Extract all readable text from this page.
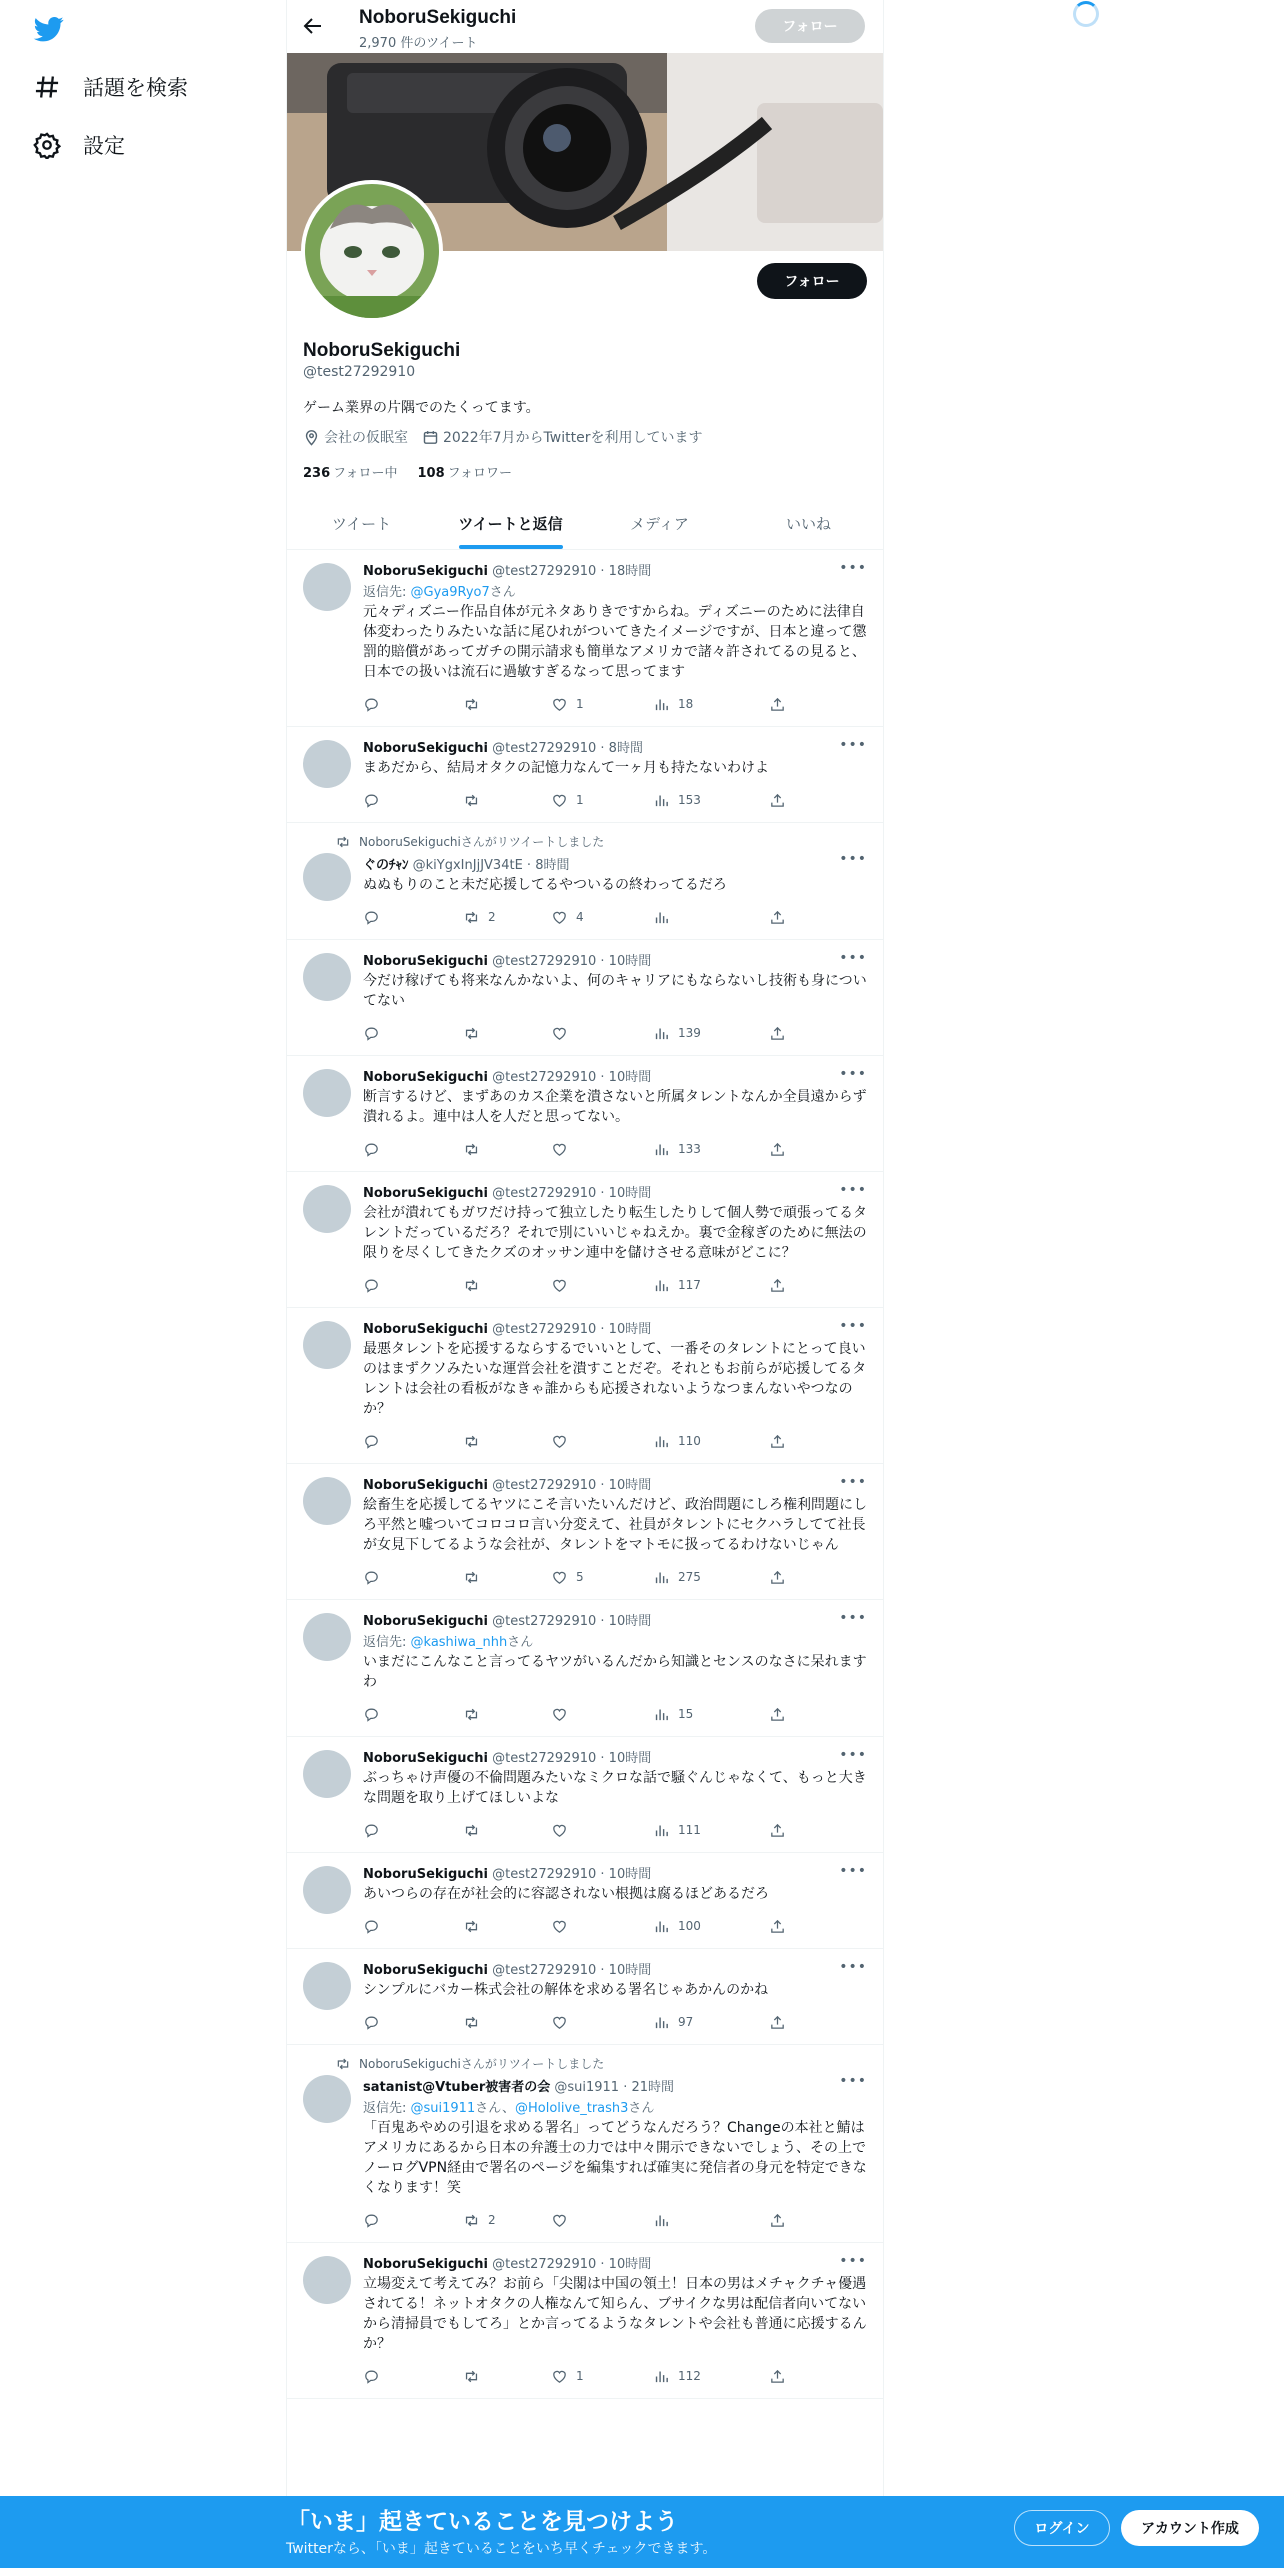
話題を検索
設定
NoboruSekiguchi
2,970 件のツイート
フォロー
フォロー
NoboruSekiguchi
@test27292910
ゲーム業界の片隅でのたくってます。
会社の仮眠室	2022年7月からTwitterを利用しています
236 フォロー中 108 フォロワー
ツイート	ツイートと返信	メディア	いいね
•••
NoboruSekiguchi @test27292910 · 18時間
返信先: @Gya9Ryo7さん
元々ディズニー作品自体が元ネタありきですからね。ディズニーのために法律自体変わったりみたいな話に尾ひれがついてきたイメージですが、日本と違って懲罰的賠償があってガチの開示請求も簡単なアメリカで諸々許されてるの見ると、日本での扱いは流石に過敏すぎるなって思ってます
1	18
•••
NoboruSekiguchi @test27292910 · 8時間
まあだから、結局オタクの記憶力なんて一ヶ月も持たないわけよ
1	153
NoboruSekiguchiさんがリツイートしました
•••
ぐのﾁｬﾝ @kiYgxInJjJV34tE · 8時間
ぬぬもりのこと未だ応援してるやついるの終わってるだろ
2	4
•••
NoboruSekiguchi @test27292910 · 10時間
今だけ稼げても将来なんかないよ、何のキャリアにもならないし技術も身についてない
139
•••
NoboruSekiguchi @test27292910 · 10時間
断言するけど、まずあのカス企業を潰さないと所属タレントなんか全員遠からず潰れるよ。連中は人を人だと思ってない。
133
•••
NoboruSekiguchi @test27292910 · 10時間
会社が潰れてもガワだけ持って独立したり転生したりして個人勢で頑張ってるタレントだっているだろ？それで別にいいじゃねえか。裏で金稼ぎのために無法の限りを尽くしてきたクズのオッサン連中を儲けさせる意味がどこに？
117
•••
NoboruSekiguchi @test27292910 · 10時間
最悪タレントを応援するならするでいいとして、一番そのタレントにとって良いのはまずクソみたいな運営会社を潰すことだぞ。それともお前らが応援してるタレントは会社の看板がなきゃ誰からも応援されないようなつまんないやつなのか？
110
•••
NoboruSekiguchi @test27292910 · 10時間
絵畜生を応援してるヤツにこそ言いたいんだけど、政治問題にしろ権利問題にしろ平然と嘘ついてコロコロ言い分変えて、社員がタレントにセクハラしてて社長が女見下してるような会社が、タレントをマトモに扱ってるわけないじゃん
5	275
•••
NoboruSekiguchi @test27292910 · 10時間
返信先: @kashiwa_nhhさん
いまだにこんなこと言ってるヤツがいるんだから知識とセンスのなさに呆れますわ
15
•••
NoboruSekiguchi @test27292910 · 10時間
ぶっちゃけ声優の不倫問題みたいなミクロな話で騒ぐんじゃなくて、もっと大きな問題を取り上げてほしいよな
111
•••
NoboruSekiguchi @test27292910 · 10時間
あいつらの存在が社会的に容認されない根拠は腐るほどあるだろ
100
•••
NoboruSekiguchi @test27292910 · 10時間
シンプルにバカー株式会社の解体を求める署名じゃあかんのかね
97
NoboruSekiguchiさんがリツイートしました
•••
satanist@Vtuber被害者の会 @sui1911 · 21時間
返信先: @sui1911さん、@Hololive_trash3さん
「百鬼あやめの引退を求める署名」ってどうなんだろう？Changeの本社と鯖はアメリカにあるから日本の弁護士の力では中々開示できないでしょう、その上でノーログVPN経由で署名のページを編集すれば確実に発信者の身元を特定できなくなります！笑
2
•••
NoboruSekiguchi @test27292910 · 10時間
立場変えて考えてみ？お前ら「尖閣は中国の領土！日本の男はメチャクチャ優遇されてる！ネットオタクの人権なんて知らん、ブサイクな男は配信者向いてないから清掃員でもしてろ」とか言ってるようなタレントや会社も普通に応援するんか？
1	112
「いま」起きていることを見つけよう
Twitterなら、「いま」起きていることをいち早くチェックできます。
ログイン	アカウント作成
